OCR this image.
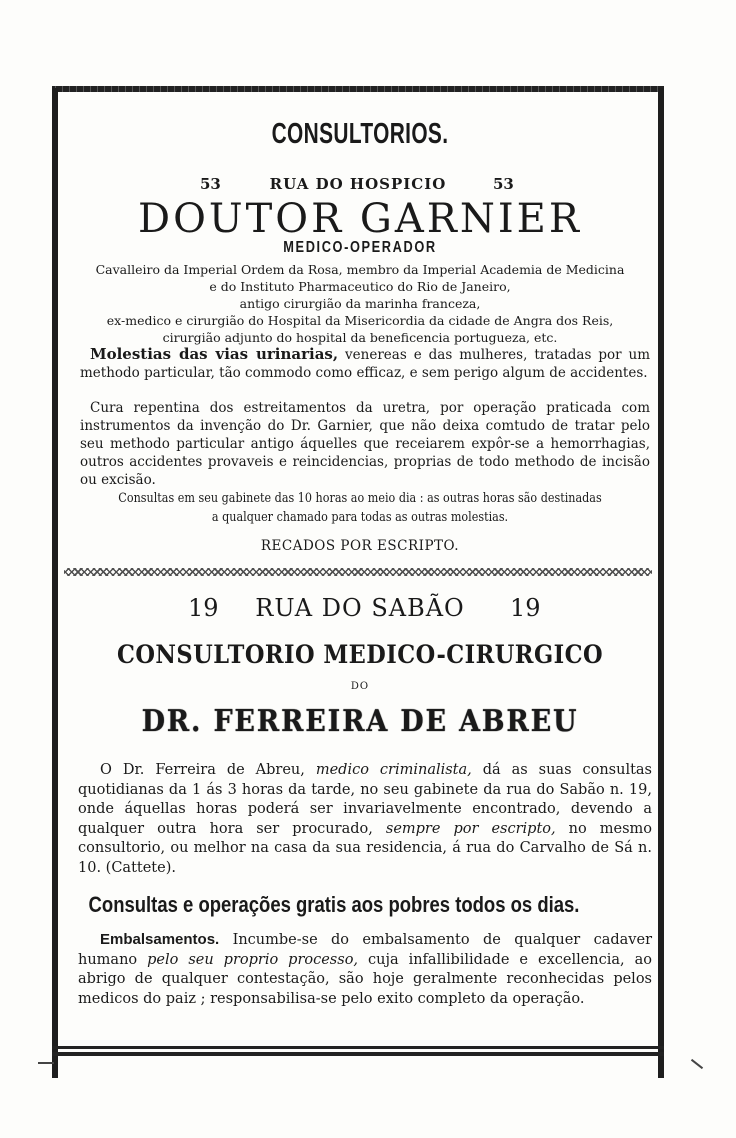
CONSULTORIOS.
53	RUA DO HOSPICIO	53
DOUTOR GARNIER
MEDICO-OPERADOR
Cavalleiro da Imperial Ordem da Rosa, membro da Imperial Academia de Medicina
e do Instituto Pharmaceutico do Rio de Janeiro,
antigo cirurgião da marinha franceza,
ex-medico e cirurgião do Hospital da Misericordia da cidade de Angra dos Reis,
cirurgião adjunto do hospital da beneficencia portugueza, etc.

Molestias das vias urinarias, venereas e das mulheres, tratadas por um methodo particular, tão commodo como efficaz, e sem perigo algum de accidentes.

Cura repentina dos estreitamentos da uretra, por operação praticada com instrumentos da invenção do Dr. Garnier, que não deixa comtudo de tratar pelo seu methodo particular antigo áquelles que receiarem expôr-se a hemorrhagias, outros accidentes provaveis e reincidencias, proprias de todo methodo de incisão ou excisão.

Consultas em seu gabinete das 10 horas ao meio dia : as outras horas são destinadas
a qualquer chamado para todas as outras molestias.
RECADOS POR ESCRIPTO.
19 RUA DO SABÃO 19
CONSULTORIO MEDICO-CIRURGICO
DO
DR. FERREIRA DE ABREU

O Dr. Ferreira de Abreu, medico criminalista, dá as suas consultas quotidianas da 1 ás 3 horas da tarde, no seu gabinete da rua do Sabão n. 19, onde áquellas horas poderá ser invariavelmente encontrado, devendo a qualquer outra hora ser procurado, sempre por escripto, no mesmo consultorio, ou melhor na casa da sua residencia, á rua do Carvalho de Sá n. 10. (Cattete).

Consultas e operações gratis aos pobres todos os dias.

Embalsamentos. Incumbe-se do embalsamento de qualquer cadaver humano pelo seu proprio processo, cuja infallibilidade e excellencia, ao abrigo de qualquer contestação, são hoje geralmente reconhecidas pelos medicos do paiz ; responsabilisa-se pelo exito completo da operação.
